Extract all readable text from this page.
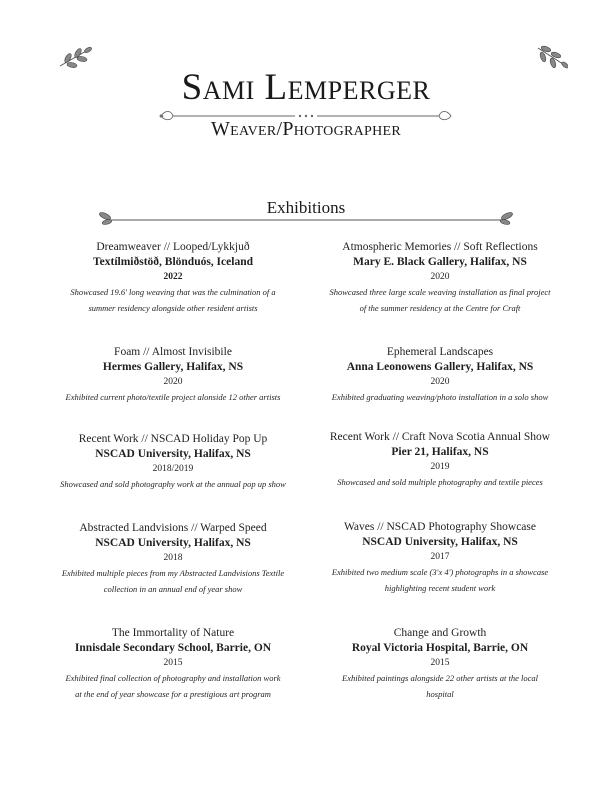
Sami Lemperger
Weaver/Photographer
Exhibitions
Dreamweaver // Looped/Lykkjuð
Textílmiðstöð, Blönduós, Iceland
2022
Showcased 19.6' long weaving that was the culmination of a
summer residency alongside other resident artists
Foam // Almost Invisibile
Hermes Gallery, Halifax, NS
2020
Exhibited current photo/textile project alonside 12 other artists
Recent Work // NSCAD Holiday Pop Up
NSCAD University, Halifax, NS
2018/2019
Showcased and sold photography work at the annual pop up show
Abstracted Landvisions // Warped Speed
NSCAD University, Halifax, NS
2018
Exhibited multiple pieces from my Abstracted Landvisions Textile
collection in an annual end of year show
The Immortality of Nature
Innisdale Secondary School, Barrie, ON
2015
Exhibited final collection of photography and installation work
at the end of year showcase for a prestigious art program
Atmospheric Memories // Soft Reflections
Mary E. Black Gallery, Halifax, NS
2020
Showcased three large scale weaving installation as final project
of the summer residency at the Centre for Craft
Ephemeral Landscapes
Anna Leonowens Gallery, Halifax, NS
2020
Exhibited graduating weaving/photo installation in a solo show
Recent Work // Craft Nova Scotia Annual Show
Pier 21, Halifax, NS
2019
Showcased and sold multiple photography and textile pieces
Waves // NSCAD Photography Showcase
NSCAD University, Halifax, NS
2017
Exhibited two medium scale (3'x 4') photographs in a showcase
highlighting recent student work
Change and Growth
Royal Victoria Hospital, Barrie, ON
2015
Exhibited paintings alongside 22 other artists at the local
hospital
